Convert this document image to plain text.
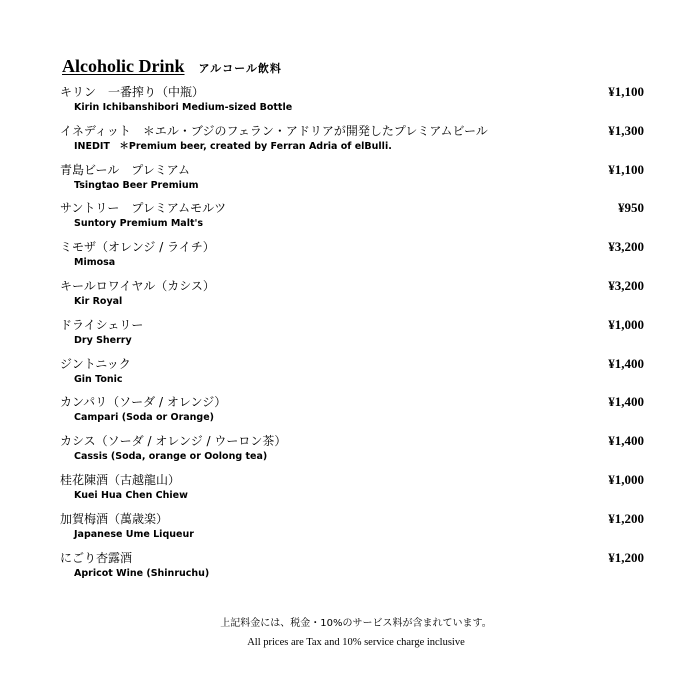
Alcoholic Drink アルコール飲料
キリン　一番搾り（中瓶）
Kirin Ichibanshibori Medium-sized Bottle
¥1,100
イネディット　＊エル・ブジのフェラン・アドリアが開発したプレミアムビール
INEDIT　＊Premium beer, created by Ferran Adria of elBulli.
¥1,300
青島ビール　プレミアム
Tsingtao Beer Premium
¥1,100
サントリー　プレミアムモルツ
Suntory Premium Malt's
¥950
ミモザ（オレンジ / ライチ）
Mimosa
¥3,200
キールロワイヤル（カシス）
Kir Royal
¥3,200
ドライシェリー
Dry Sherry
¥1,000
ジントニック
Gin Tonic
¥1,400
カンパリ（ソーダ / オレンジ）
Campari (Soda or Orange)
¥1,400
カシス（ソーダ / オレンジ / ウーロン茶）
Cassis (Soda, orange or Oolong tea)
¥1,400
桂花陳酒（古越龍山）
Kuei Hua Chen Chiew
¥1,000
加賀梅酒（萬歳楽）
Japanese Ume Liqueur
¥1,200
にごり杏露酒
Apricot Wine (Shinruchu)
¥1,200
上記料金には、税金・10%のサービス料が含まれています。
All prices are Tax and 10% service charge inclusive
